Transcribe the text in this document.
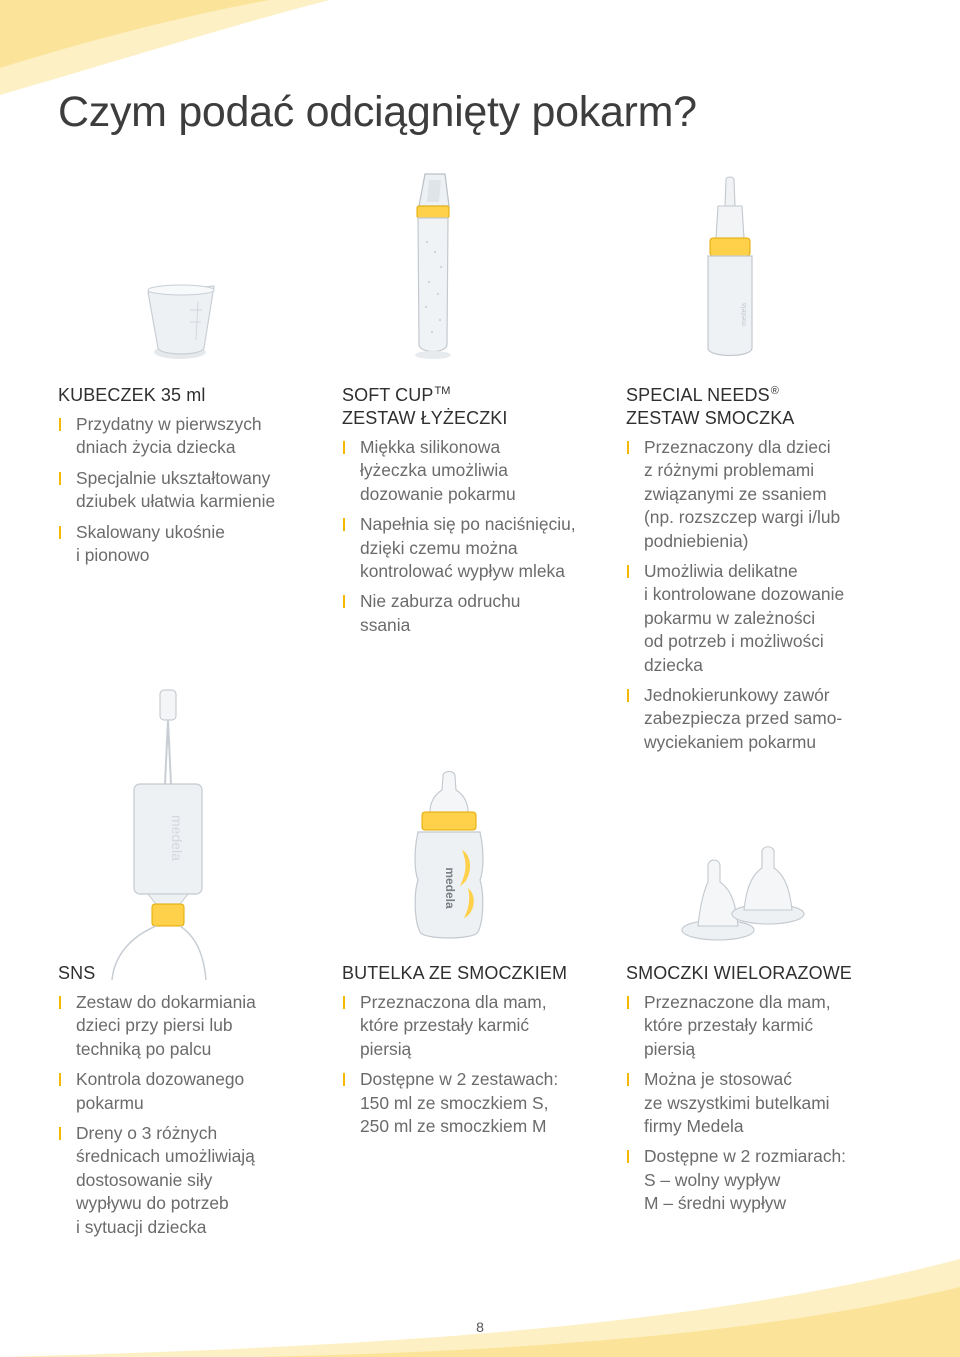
Czym podać odciągnięty pokarm?
medela
medela
medela
KUBECZEK 35 ml
Przydatny w pierwszych
dniach życia dziecka
Specjalnie ukształtowany
dziubek ułatwia karmienie
Skalowany ukośnie
i pionowo
SOFT CUP™
ZESTAW ŁYŻECZKI
Miękka silikonowa
łyżeczka umożliwia
dozowanie pokarmu
Napełnia się po naciśnięciu,
dzięki czemu można
kontrolować wypływ mleka
Nie zaburza odruchu
ssania
SPECIAL NEEDS®
ZESTAW SMOCZKA
Przeznaczony dla dzieci
z różnymi problemami
związanymi ze ssaniem
(np. rozszczep wargi i/lub
podniebienia)
Umożliwia delikatne
i kontrolowane dozowanie
pokarmu w zależności
od potrzeb i możliwości
dziecka
Jednokierunkowy zawór
zabezpiecza przed samo-
wyciekaniem pokarmu
SNS
Zestaw do dokarmiania
dzieci przy piersi lub
techniką po palcu
Kontrola dozowanego
pokarmu
Dreny o 3 różnych
średnicach umożliwiają
dostosowanie siły
wypływu do potrzeb
i sytuacji dziecka
BUTELKA ZE SMOCZKIEM
Przeznaczona dla mam,
które przestały karmić
piersią
Dostępne w 2 zestawach:
150 ml ze smoczkiem S,
250 ml ze smoczkiem M
SMOCZKI WIELORAZOWE
Przeznaczone dla mam,
które przestały karmić
piersią
Można je stosować
ze wszystkimi butelkami
firmy Medela
Dostępne w 2 rozmiarach:
S – wolny wypływ
M – średni wypływ
8
